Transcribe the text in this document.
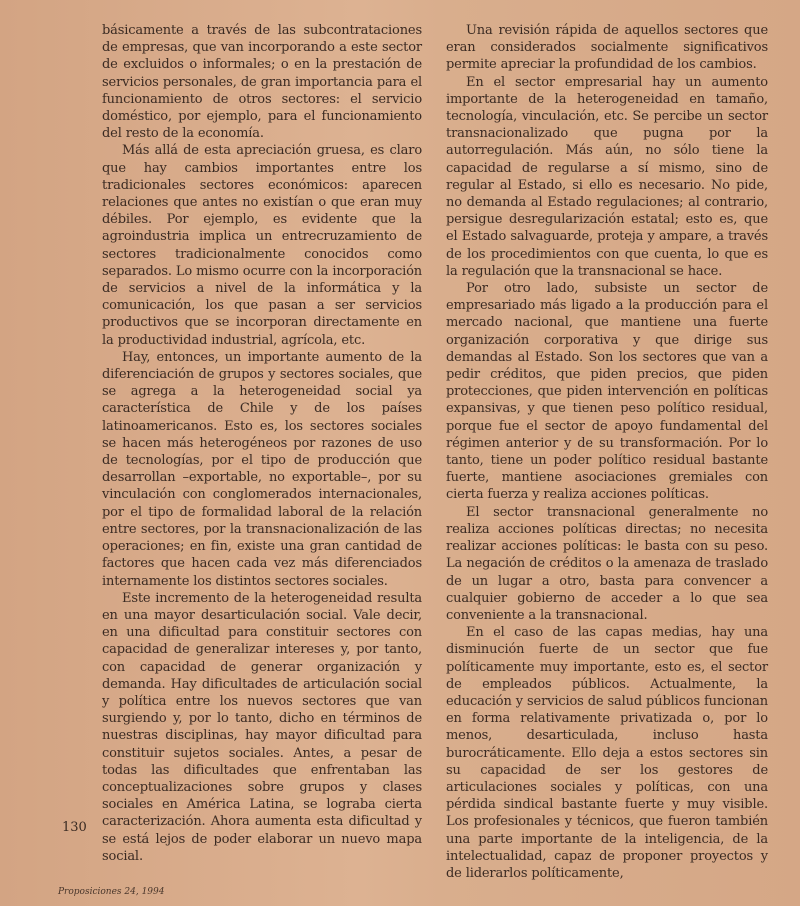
básicamente a través de las subcontrataciones de empresas, que van incorporando a este sector de excluidos o informales; o en la prestación de servicios personales, de gran importancia para el funcionamiento de otros sectores: el servicio doméstico, por ejemplo, para el funcionamiento del resto de la economía.

Más allá de esta apreciación gruesa, es claro que hay cambios importantes entre los tradicionales sectores económicos: aparecen relaciones que antes no existían o que eran muy débiles. Por ejemplo, es evidente que la agroindustria implica un entrecruzamiento de sectores tradicionalmente conocidos como separados. Lo mismo ocurre con la incorporación de servicios a nivel de la informática y la comunicación, los que pasan a ser servicios productivos que se incorporan directamente en la productividad industrial, agrícola, etc.

Hay, entonces, un importante aumento de la diferenciación de grupos y sectores sociales, que se agrega a la heterogeneidad social ya característica de Chile y de los países latinoamericanos. Esto es, los sectores sociales se hacen más heterogéneos por razones de uso de tecnologías, por el tipo de producción que desarrollan –exportable, no exportable–, por su vinculación con conglomerados internacionales, por el tipo de formalidad laboral de la relación entre sectores, por la transnacionalización de las operaciones; en fin, existe una gran cantidad de factores que hacen cada vez más diferenciados internamente los distintos sectores sociales.

Este incremento de la heterogeneidad resulta en una mayor desarticulación social. Vale decir, en una dificultad para constituir sectores con capacidad de generalizar intereses y, por tanto, con capacidad de generar organización y demanda. Hay dificultades de articulación social y política entre los nuevos sectores que van surgiendo y, por lo tanto, dicho en términos de nuestras disciplinas, hay mayor dificultad para constituir sujetos sociales. Antes, a pesar de todas las dificultades que enfrentaban las conceptualizaciones sobre grupos y clases sociales en América Latina, se lograba cierta caracterización. Ahora aumenta esta dificultad y se está lejos de poder elaborar un nuevo mapa social.

Una revisión rápida de aquellos sectores que eran considerados socialmente significativos permite apreciar la profundidad de los cambios.

En el sector empresarial hay un aumento importante de la heterogeneidad en tamaño, tecnología, vinculación, etc. Se percibe un sector transnacionalizado que pugna por la autorregulación. Más aún, no sólo tiene la capacidad de regularse a sí mismo, sino de regular al Estado, si ello es necesario. No pide, no demanda al Estado regulaciones; al contrario, persigue desregularización estatal; esto es, que el Estado salvaguarde, proteja y ampare, a través de los procedimientos con que cuenta, lo que es la regulación que la transnacional se hace.

Por otro lado, subsiste un sector de empresariado más ligado a la producción para el mercado nacional, que mantiene una fuerte organización corporativa y que dirige sus demandas al Estado. Son los sectores que van a pedir créditos, que piden precios, que piden protecciones, que piden intervención en políticas expansivas, y que tienen peso político residual, porque fue el sector de apoyo fundamental del régimen anterior y de su transformación. Por lo tanto, tiene un poder político residual bastante fuerte, mantiene asociaciones gremiales con cierta fuerza y realiza acciones políticas.

El sector transnacional generalmente no realiza acciones políticas directas; no necesita realizar acciones políticas: le basta con su peso. La negación de créditos o la amenaza de traslado de un lugar a otro, basta para convencer a cualquier gobierno de acceder a lo que sea conveniente a la transnacional.

En el caso de las capas medias, hay una disminución fuerte de un sector que fue políticamente muy importante, esto es, el sector de empleados públicos. Actualmente, la educación y servicios de salud públicos funcionan en forma relativamente privatizada o, por lo menos, desarticulada, incluso hasta burocráticamente. Ello deja a estos sectores sin su capacidad de ser los gestores de articulaciones sociales y políticas, con una pérdida sindical bastante fuerte y muy visible. Los profesionales y técnicos, que fueron también una parte importante de la inteligencia, de la intelectualidad, capaz de proponer proyectos y de liderarlos políticamente,

130
Proposiciones 24, 1994
